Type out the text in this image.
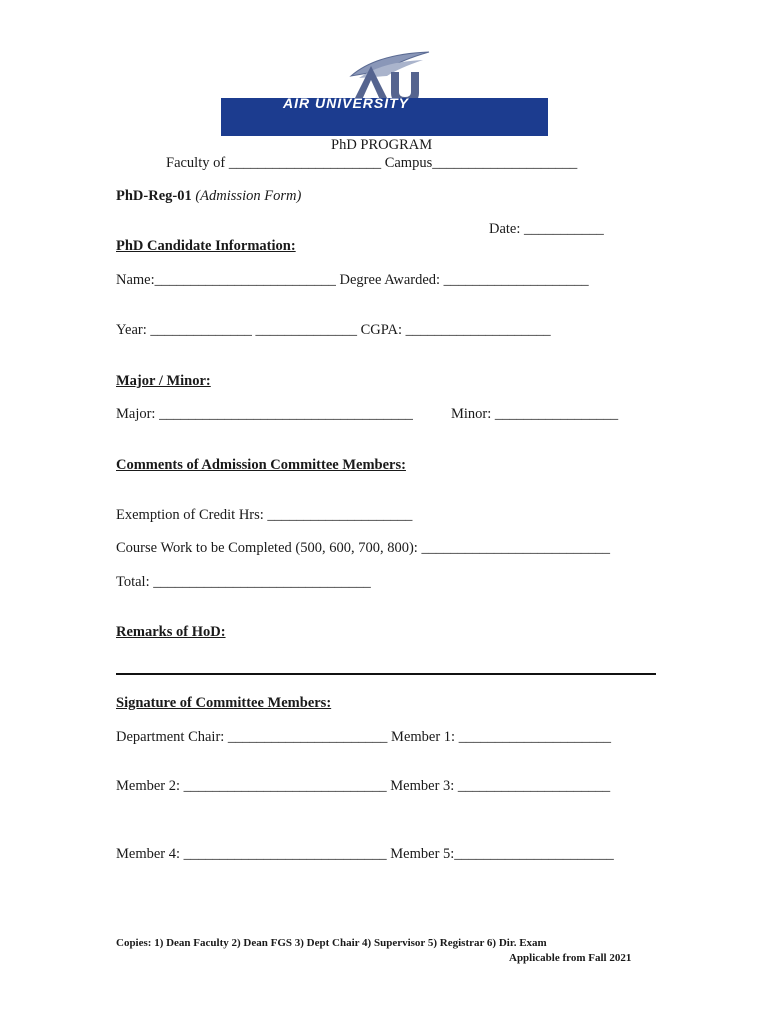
AIR UNIVERSITY
PhD PROGRAM
Faculty of _____________________ Campus____________________
PhD-Reg-01 (Admission Form)
Date: ___________
PhD Candidate Information:
Name:_________________________ Degree Awarded: ____________________
Year: ______________ ______________ CGPA: ____________________
Major / Minor:
Major: ___________________________________	Minor: _________________
Comments of Admission Committee Members:
Exemption of Credit Hrs: ____________________
Course Work to be Completed (500, 600, 700, 800): __________________________
Total: ______________________________
Remarks of HoD:
Signature of Committee Members:
Department Chair: ______________________ Member 1: _____________________
Member 2: ____________________________ Member 3: _____________________
Member 4: ____________________________ Member 5:______________________
Copies: 1) Dean Faculty 2) Dean FGS 3) Dept Chair 4) Supervisor 5) Registrar 6) Dir. Exam
Applicable from Fall 2021
